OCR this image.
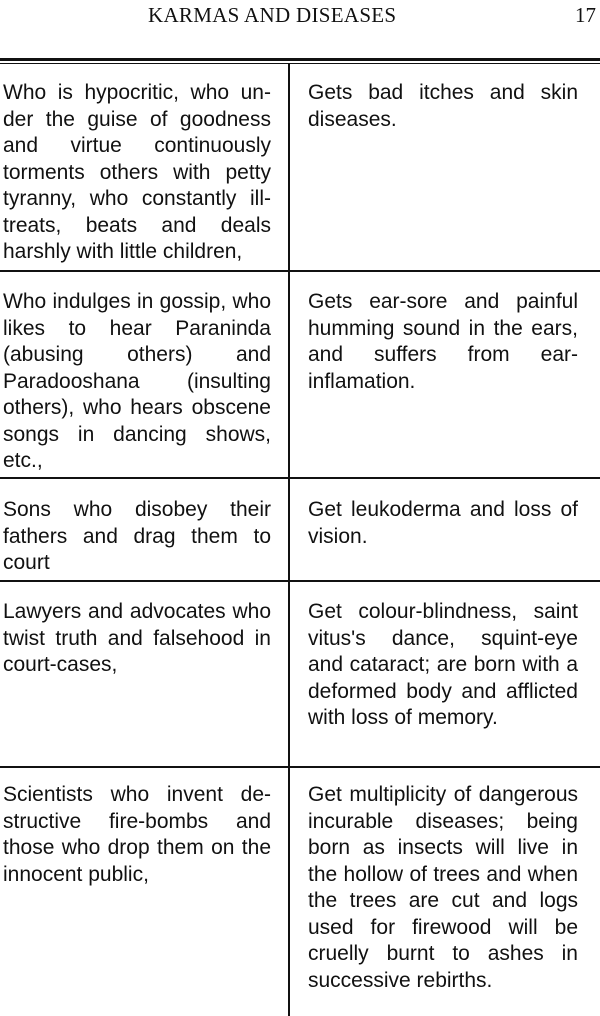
KARMAS AND DISEASES	17

Who is hypocritic, who under the guise of goodness and virtue continuously torments others with petty tyranny, who constantly ill-treats, beats and deals harshly with little children,

Gets bad itches and skin diseases.

Who indulges in gossip, who likes to hear Paraninda (abusing others) and Paradooshana (insulting others), who hears obscene songs in dancing shows, etc.,

Gets ear-sore and painful humming sound in the ears, and suffers from ear-inflamation.

Sons who disobey their fathers and drag them to court

Get leukoderma and loss of vision.

Lawyers and advocates who twist truth and falsehood in court-cases,

Get colour-blindness, saint vitus's dance, squint-eye and cataract; are born with a deformed body and afflicted with loss of memory.

Scientists who invent destructive fire-bombs and those who drop them on the innocent public,

Get multiplicity of dangerous incurable diseases; being born as insects will live in the hollow of trees and when the trees are cut and logs used for firewood will be cruelly burnt to ashes in successive rebirths.
